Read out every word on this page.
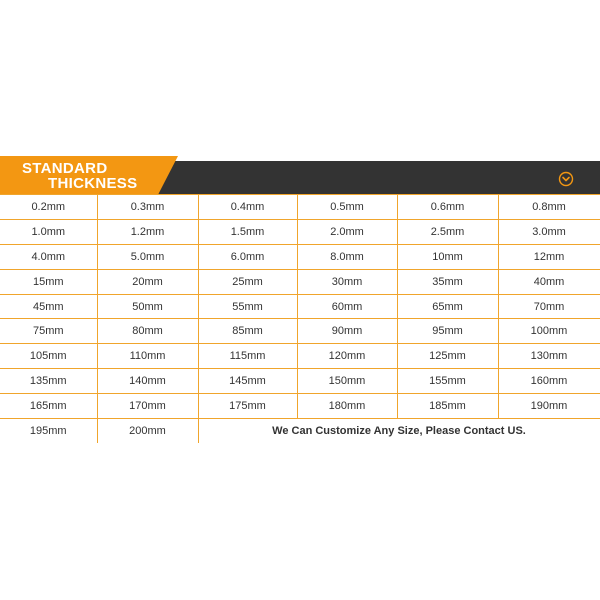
STANDARD
THICKNESS
0.2mm	0.3mm	0.4mm	0.5mm	0.6mm	0.8mm
1.0mm	1.2mm	1.5mm	2.0mm	2.5mm	3.0mm
4.0mm	5.0mm	6.0mm	8.0mm	10mm	12mm
15mm	20mm	25mm	30mm	35mm	40mm
45mm	50mm	55mm	60mm	65mm	70mm
75mm	80mm	85mm	90mm	95mm	100mm
105mm	110mm	115mm	120mm	125mm	130mm
135mm	140mm	145mm	150mm	155mm	160mm
165mm	170mm	175mm	180mm	185mm	190mm
195mm	200mm	We Can Customize Any Size, Please Contact US.			
